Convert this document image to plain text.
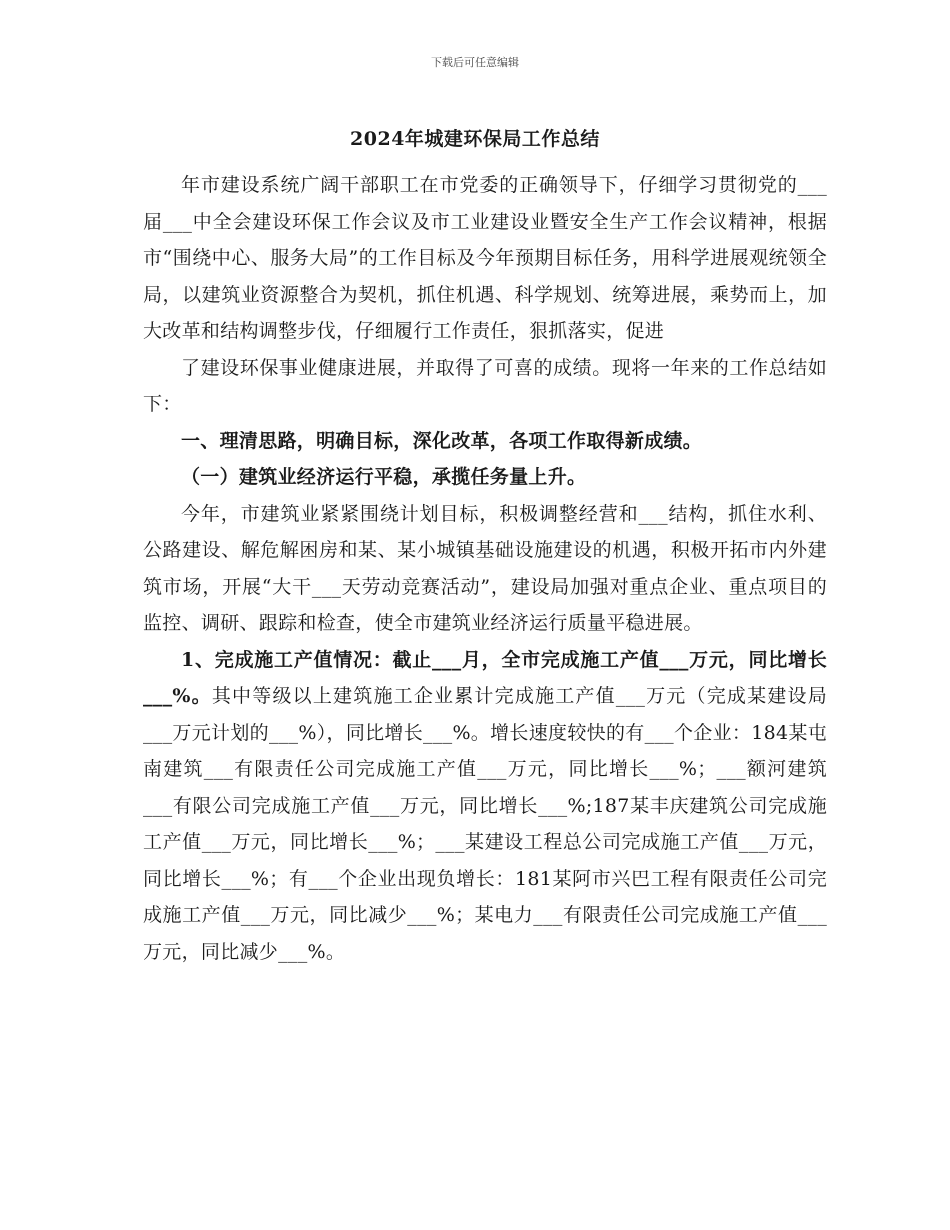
下载后可任意编辑
2024年城建环保局工作总结

年市建设系统广阔干部职工在市党委的正确领导下，仔细学习贯彻党的___届___中全会建设环保工作会议及市工业建设业暨安全生产工作会议精神，根据市“围绕中心、服务大局”的工作目标及今年预期目标任务，用科学进展观统领全局，以建筑业资源整合为契机，抓住机遇、科学规划、统筹进展，乘势而上，加大改革和结构调整步伐，仔细履行工作责任，狠抓落实，促进

了建设环保事业健康进展，并取得了可喜的成绩。现将一年来的工作总结如下：

一、理清思路，明确目标，深化改革，各项工作取得新成绩。

（一）建筑业经济运行平稳，承揽任务量上升。

今年，市建筑业紧紧围绕计划目标，积极调整经营和___结构，抓住水利、公路建设、解危解困房和某、某小城镇基础设施建设的机遇，积极开拓市内外建筑市场，开展“大干___天劳动竞赛活动”，建设局加强对重点企业、重点项目的监控、调研、跟踪和检查，使全市建筑业经济运行质量平稳进展。

1、完成施工产值情况：截止___月，全市完成施工产值___万元，同比增长___%。其中等级以上建筑施工企业累计完成施工产值___万元（完成某建设局___万元计划的___%），同比增长___%。增长速度较快的有___个企业：184某屯南建筑___有限责任公司完成施工产值___万元，同比增长___%；___额河建筑___有限公司完成施工产值___万元，同比增长___%;187某丰庆建筑公司完成施工产值___万元，同比增长___%；___某建设工程总公司完成施工产值___万元，同比增长___%；有___个企业出现负增长：181某阿市兴巴工程有限责任公司完成施工产值___万元，同比减少___%；某电力___有限责任公司完成施工产值___万元，同比减少___%。
